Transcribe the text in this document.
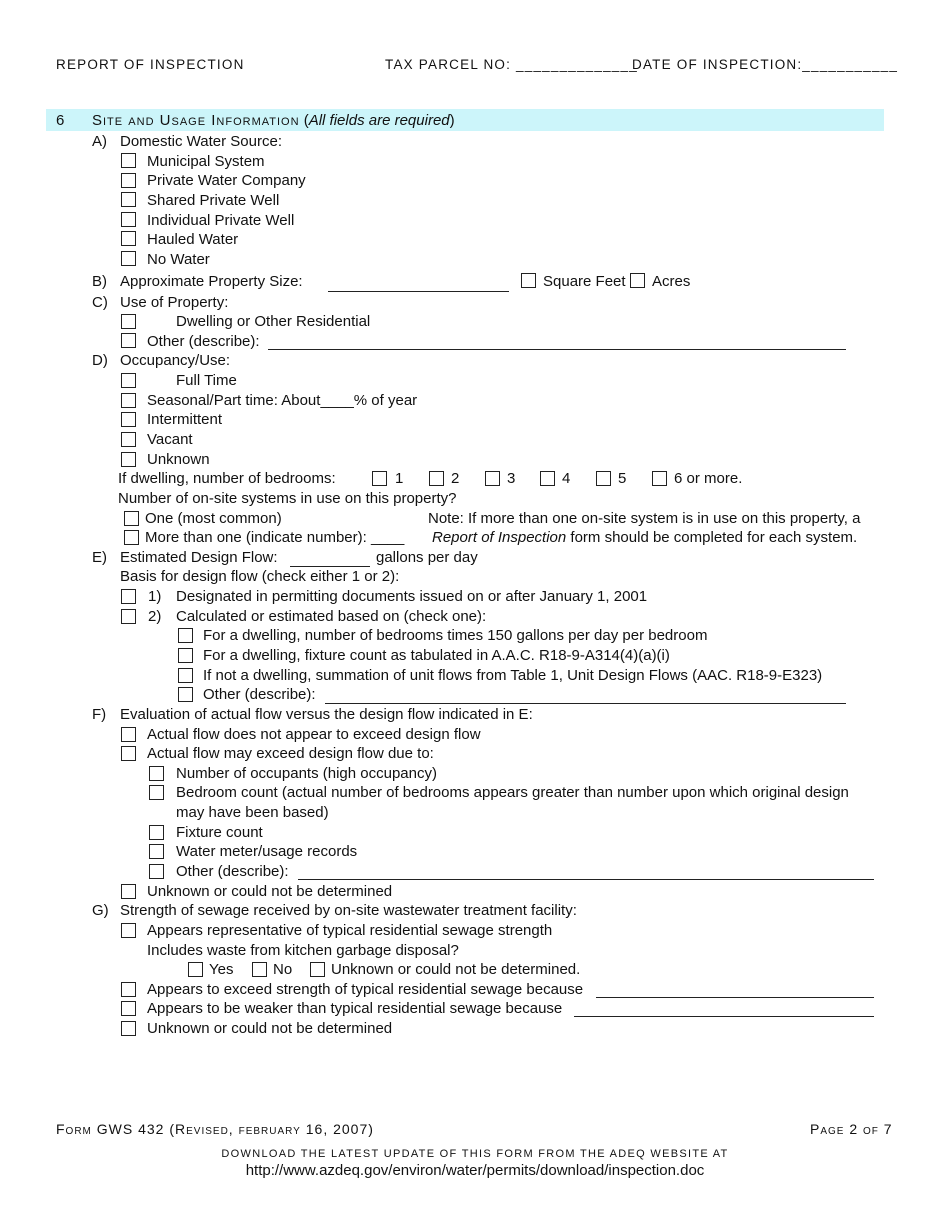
REPORT OF INSPECTION	TAX PARCEL NO: ______________
DATE OF INSPECTION:___________
6 Site and Usage Information (All fields are required)
A) Domestic Water Source:
Municipal System
Private Water Company
Shared Private Well
Individual Private Well
Hauled Water
No Water
B) Approximate Property Size:	Square Feet Acres
C) Use of Property:
Dwelling or Other Residential
Other (describe):
D) Occupancy/Use:
Full Time
Seasonal/Part time: About____% of year
Intermittent
Vacant
Unknown
If dwelling, number of bedrooms:	1	2	3	4	5	6 or more.
Number of on-site systems in use on this property?
One (most common)
More than one (indicate number): ____
Note: If more than one on-site system is in use on this property, a
Report of Inspection form should be completed for each system.
E) Estimated Design Flow:	gallons per day
Basis for design flow (check either 1 or 2):
1) Designated in permitting documents issued on or after January 1, 2001
2) Calculated or estimated based on (check one):
For a dwelling, number of bedrooms times 150 gallons per day per bedroom
For a dwelling, fixture count as tabulated in A.A.C. R18-9-A314(4)(a)(i)
If not a dwelling, summation of unit flows from Table 1, Unit Design Flows (AAC. R18-9-E323)
Other (describe):
F) Evaluation of actual flow versus the design flow indicated in E:
Actual flow does not appear to exceed design flow
Actual flow may exceed design flow due to:
Number of occupants (high occupancy)
Bedroom count (actual number of bedrooms appears greater than number upon which original design
may have been based)
Fixture count
Water meter/usage records
Other (describe):
Unknown or could not be determined
G) Strength of sewage received by on-site wastewater treatment facility:
Appears representative of typical residential sewage strength
Includes waste from kitchen garbage disposal?
Yes	No	Unknown or could not be determined.
Appears to exceed strength of typical residential sewage because
Appears to be weaker than typical residential sewage because
Unknown or could not be determined
Form GWS 432 (Revised, february 16, 2007)	Page 2 of 7
DOWNLOAD THE LATEST UPDATE OF THIS FORM FROM THE ADEQ WEBSITE AT
http://www.azdeq.gov/environ/water/permits/download/inspection.doc
